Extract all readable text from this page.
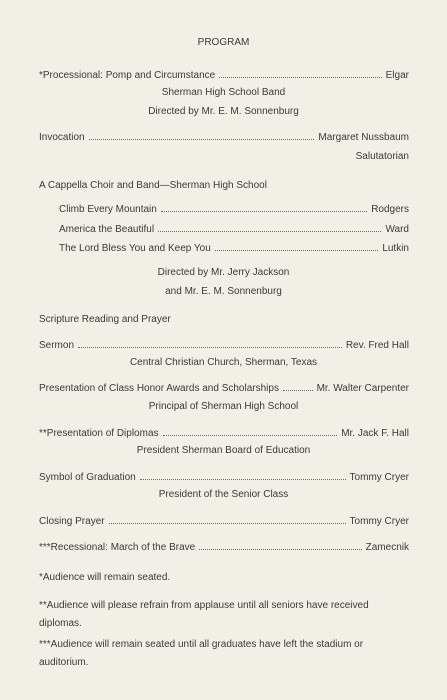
PROGRAM
*Processional: Pomp and Circumstance	Elgar
Sherman High School Band
Directed by Mr. E. M. Sonnenburg
Invocation	Margaret Nussbaum
Salutatorian
A Cappella Choir and Band—Sherman High School
Climb Every Mountain	Rodgers
America the Beautiful	Ward
The Lord Bless You and Keep You	Lutkin
Directed by Mr. Jerry Jackson
and Mr. E. M. Sonnenburg
Scripture Reading and Prayer
Sermon	Rev. Fred Hall
Central Christian Church, Sherman, Texas
Presentation of Class Honor Awards and Scholarships	Mr. Walter Carpenter
Principal of Sherman High School
**Presentation of Diplomas	Mr. Jack F. Hall
President Sherman Board of Education
Symbol of Graduation	Tommy Cryer
President of the Senior Class
Closing Prayer	Tommy Cryer
***Recessional: March of the Brave	Zamecnik
*Audience will remain seated.
**Audience will please refrain from applause until all seniors have received diplomas.
***Audience will remain seated until all graduates have left the stadium or auditorium.
